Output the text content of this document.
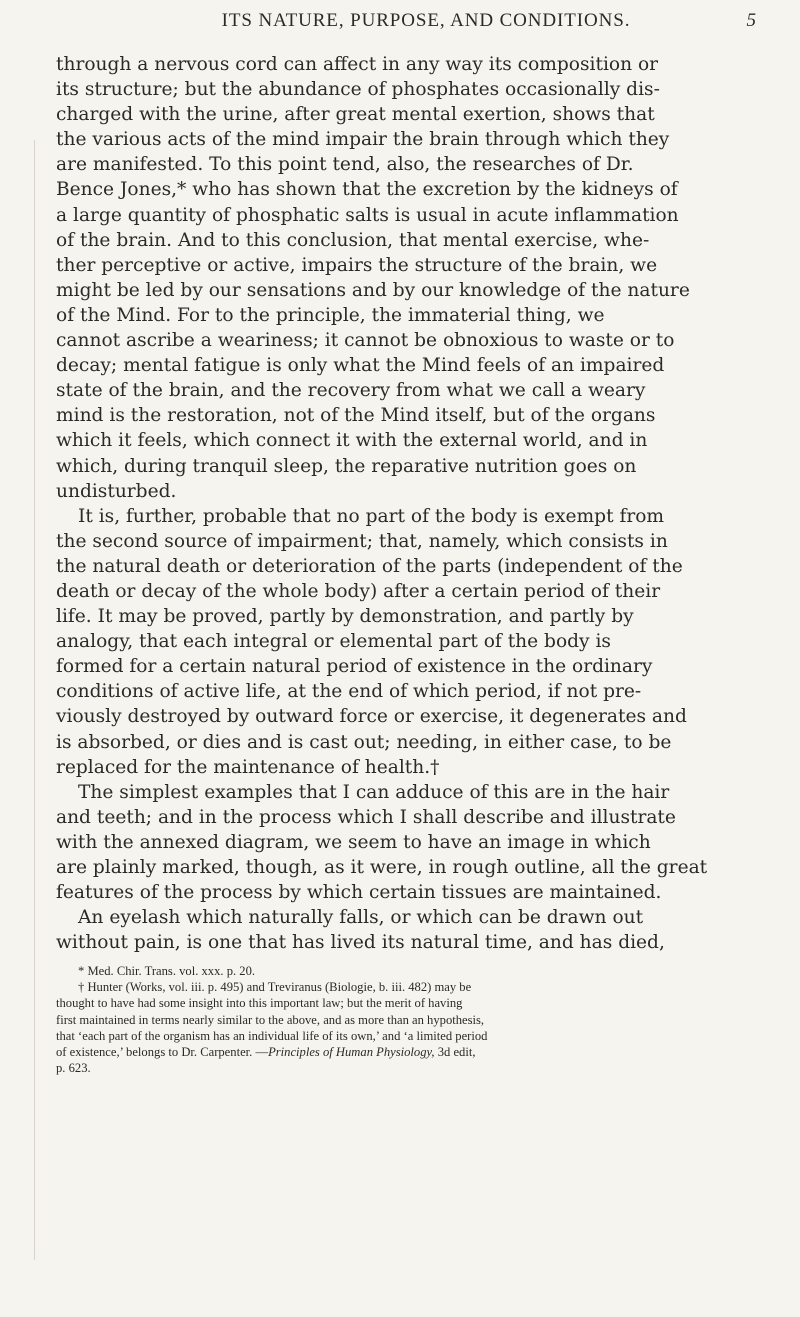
ITS NATURE, PURPOSE, AND CONDITIONS.	5
through a nervous cord can affect in any way its composition or
its structure; but the abundance of phosphates occasionally dis-
charged with the urine, after great mental exertion, shows that
the various acts of the mind impair the brain through which they
are manifested. To this point tend, also, the researches of Dr.
Bence Jones,* who has shown that the excretion by the kidneys of
a large quantity of phosphatic salts is usual in acute inflammation
of the brain. And to this conclusion, that mental exercise, whe-
ther perceptive or active, impairs the structure of the brain, we
might be led by our sensations and by our knowledge of the nature
of the Mind. For to the principle, the immaterial thing, we
cannot ascribe a weariness; it cannot be obnoxious to waste or to
decay; mental fatigue is only what the Mind feels of an impaired
state of the brain, and the recovery from what we call a weary
mind is the restoration, not of the Mind itself, but of the organs
which it feels, which connect it with the external world, and in
which, during tranquil sleep, the reparative nutrition goes on
undisturbed.
It is, further, probable that no part of the body is exempt from
the second source of impairment; that, namely, which consists in
the natural death or deterioration of the parts (independent of the
death or decay of the whole body) after a certain period of their
life. It may be proved, partly by demonstration, and partly by
analogy, that each integral or elemental part of the body is
formed for a certain natural period of existence in the ordinary
conditions of active life, at the end of which period, if not pre-
viously destroyed by outward force or exercise, it degenerates and
is absorbed, or dies and is cast out; needing, in either case, to be
replaced for the maintenance of health.†
The simplest examples that I can adduce of this are in the hair
and teeth; and in the process which I shall describe and illustrate
with the annexed diagram, we seem to have an image in which
are plainly marked, though, as it were, in rough outline, all the great
features of the process by which certain tissues are maintained.
An eyelash which naturally falls, or which can be drawn out
without pain, is one that has lived its natural time, and has died,
* Med. Chir. Trans. vol. xxx. p. 20.
† Hunter (Works, vol. iii. p. 495) and Treviranus (Biologie, b. iii. 482) may be
thought to have had some insight into this important law; but the merit of having
first maintained in terms nearly similar to the above, and as more than an hypothesis,
that ‘each part of the organism has an individual life of its own,’ and ‘a limited period
of existence,’ belongs to Dr. Carpenter. —Principles of Human Physiology, 3d edit,
p. 623.
